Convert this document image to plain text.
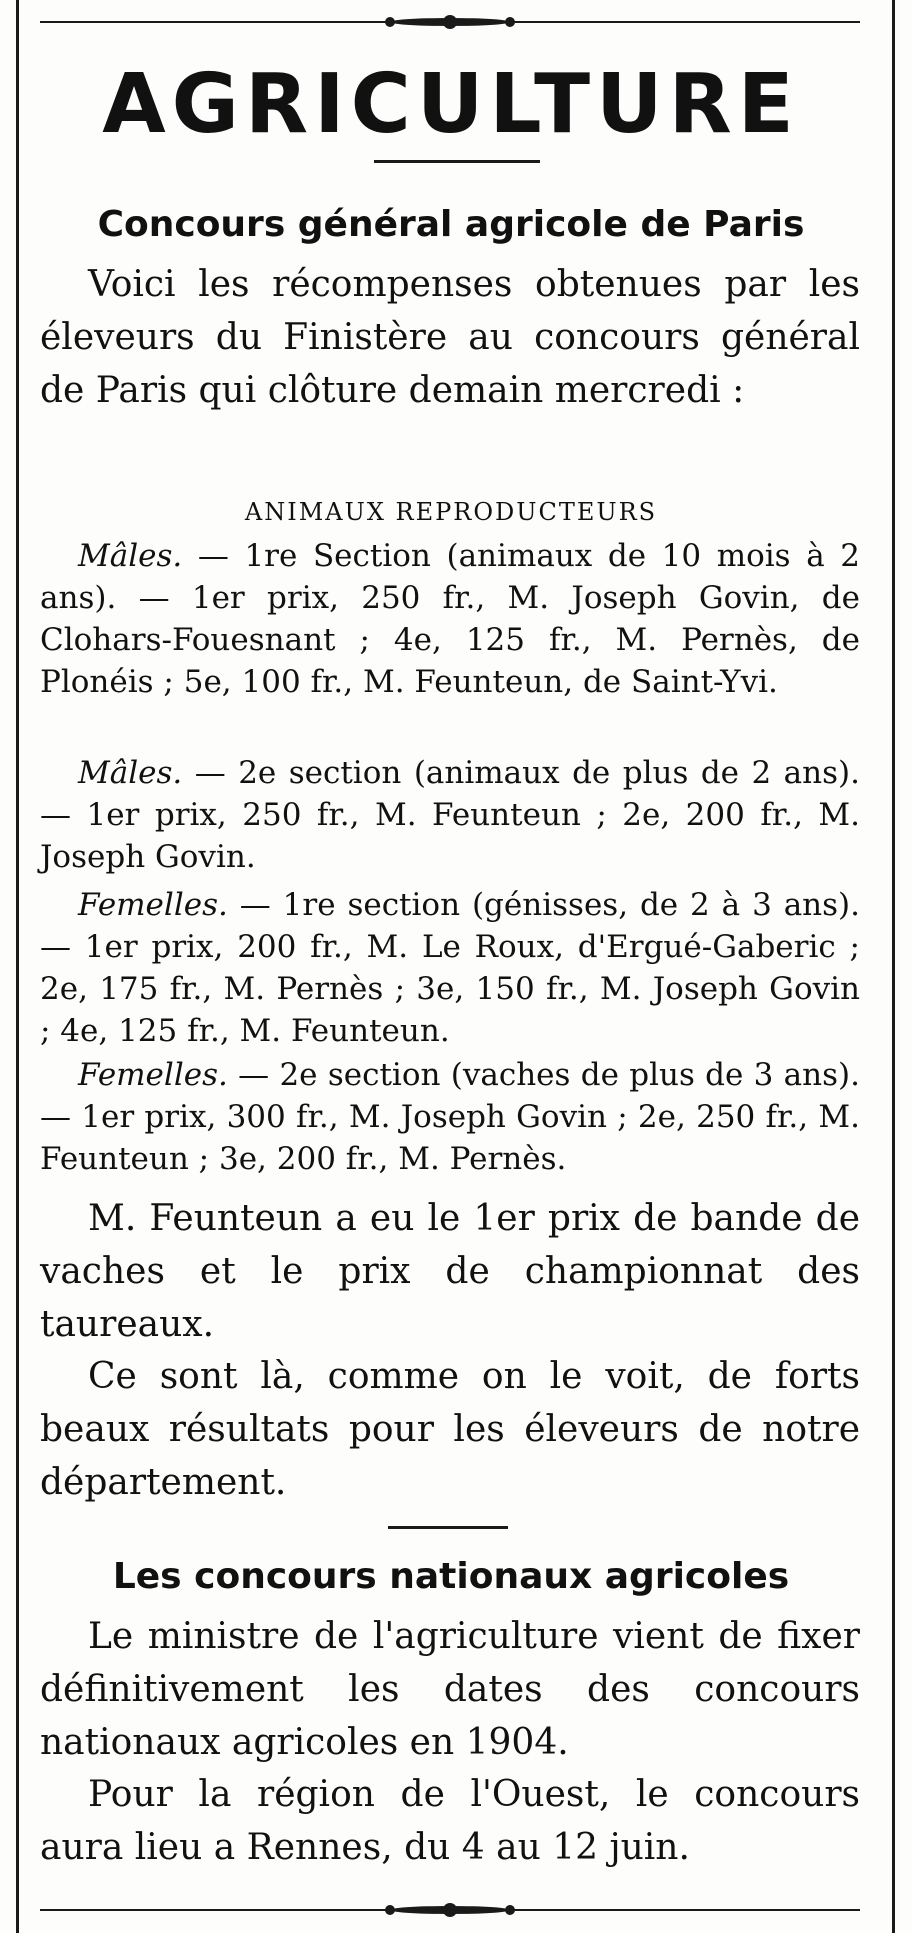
AGRICULTURE
Concours général agricole de Paris
Voici les récompenses obtenues par les éleveurs du Finistère au concours général de Paris qui clôture demain mercredi :
ANIMAUX REPRODUCTEURS
Mâles. — 1re Section (animaux de 10 mois à 2 ans). — 1er prix, 250 fr., M. Joseph Govin, de Clohars-Fouesnant ; 4e, 125 fr., M. Pernès, de Plonéis ; 5e, 100 fr., M. Feunteun, de Saint-Yvi.
Mâles. — 2e section (animaux de plus de 2 ans). — 1er prix, 250 fr., M. Feunteun ; 2e, 200 fr., M. Joseph Govin.
Femelles. — 1re section (génisses, de 2 à 3 ans). — 1er prix, 200 fr., M. Le Roux, d'Ergué-Gaberic ; 2e, 175 fr., M. Pernès ; 3e, 150 fr., M. Joseph Govin ; 4e, 125 fr., M. Feunteun.
Femelles. — 2e section (vaches de plus de 3 ans). — 1er prix, 300 fr., M. Joseph Govin ; 2e, 250 fr., M. Feunteun ; 3e, 200 fr., M. Pernès.
M. Feunteun a eu le 1er prix de bande de vaches et le prix de championnat des taureaux.
Ce sont là, comme on le voit, de forts beaux résultats pour les éleveurs de notre département.
Les concours nationaux agricoles
Le ministre de l'agriculture vient de fixer définitivement les dates des concours nationaux agricoles en 1904.
Pour la région de l'Ouest, le concours aura lieu a Rennes, du 4 au 12 juin.
